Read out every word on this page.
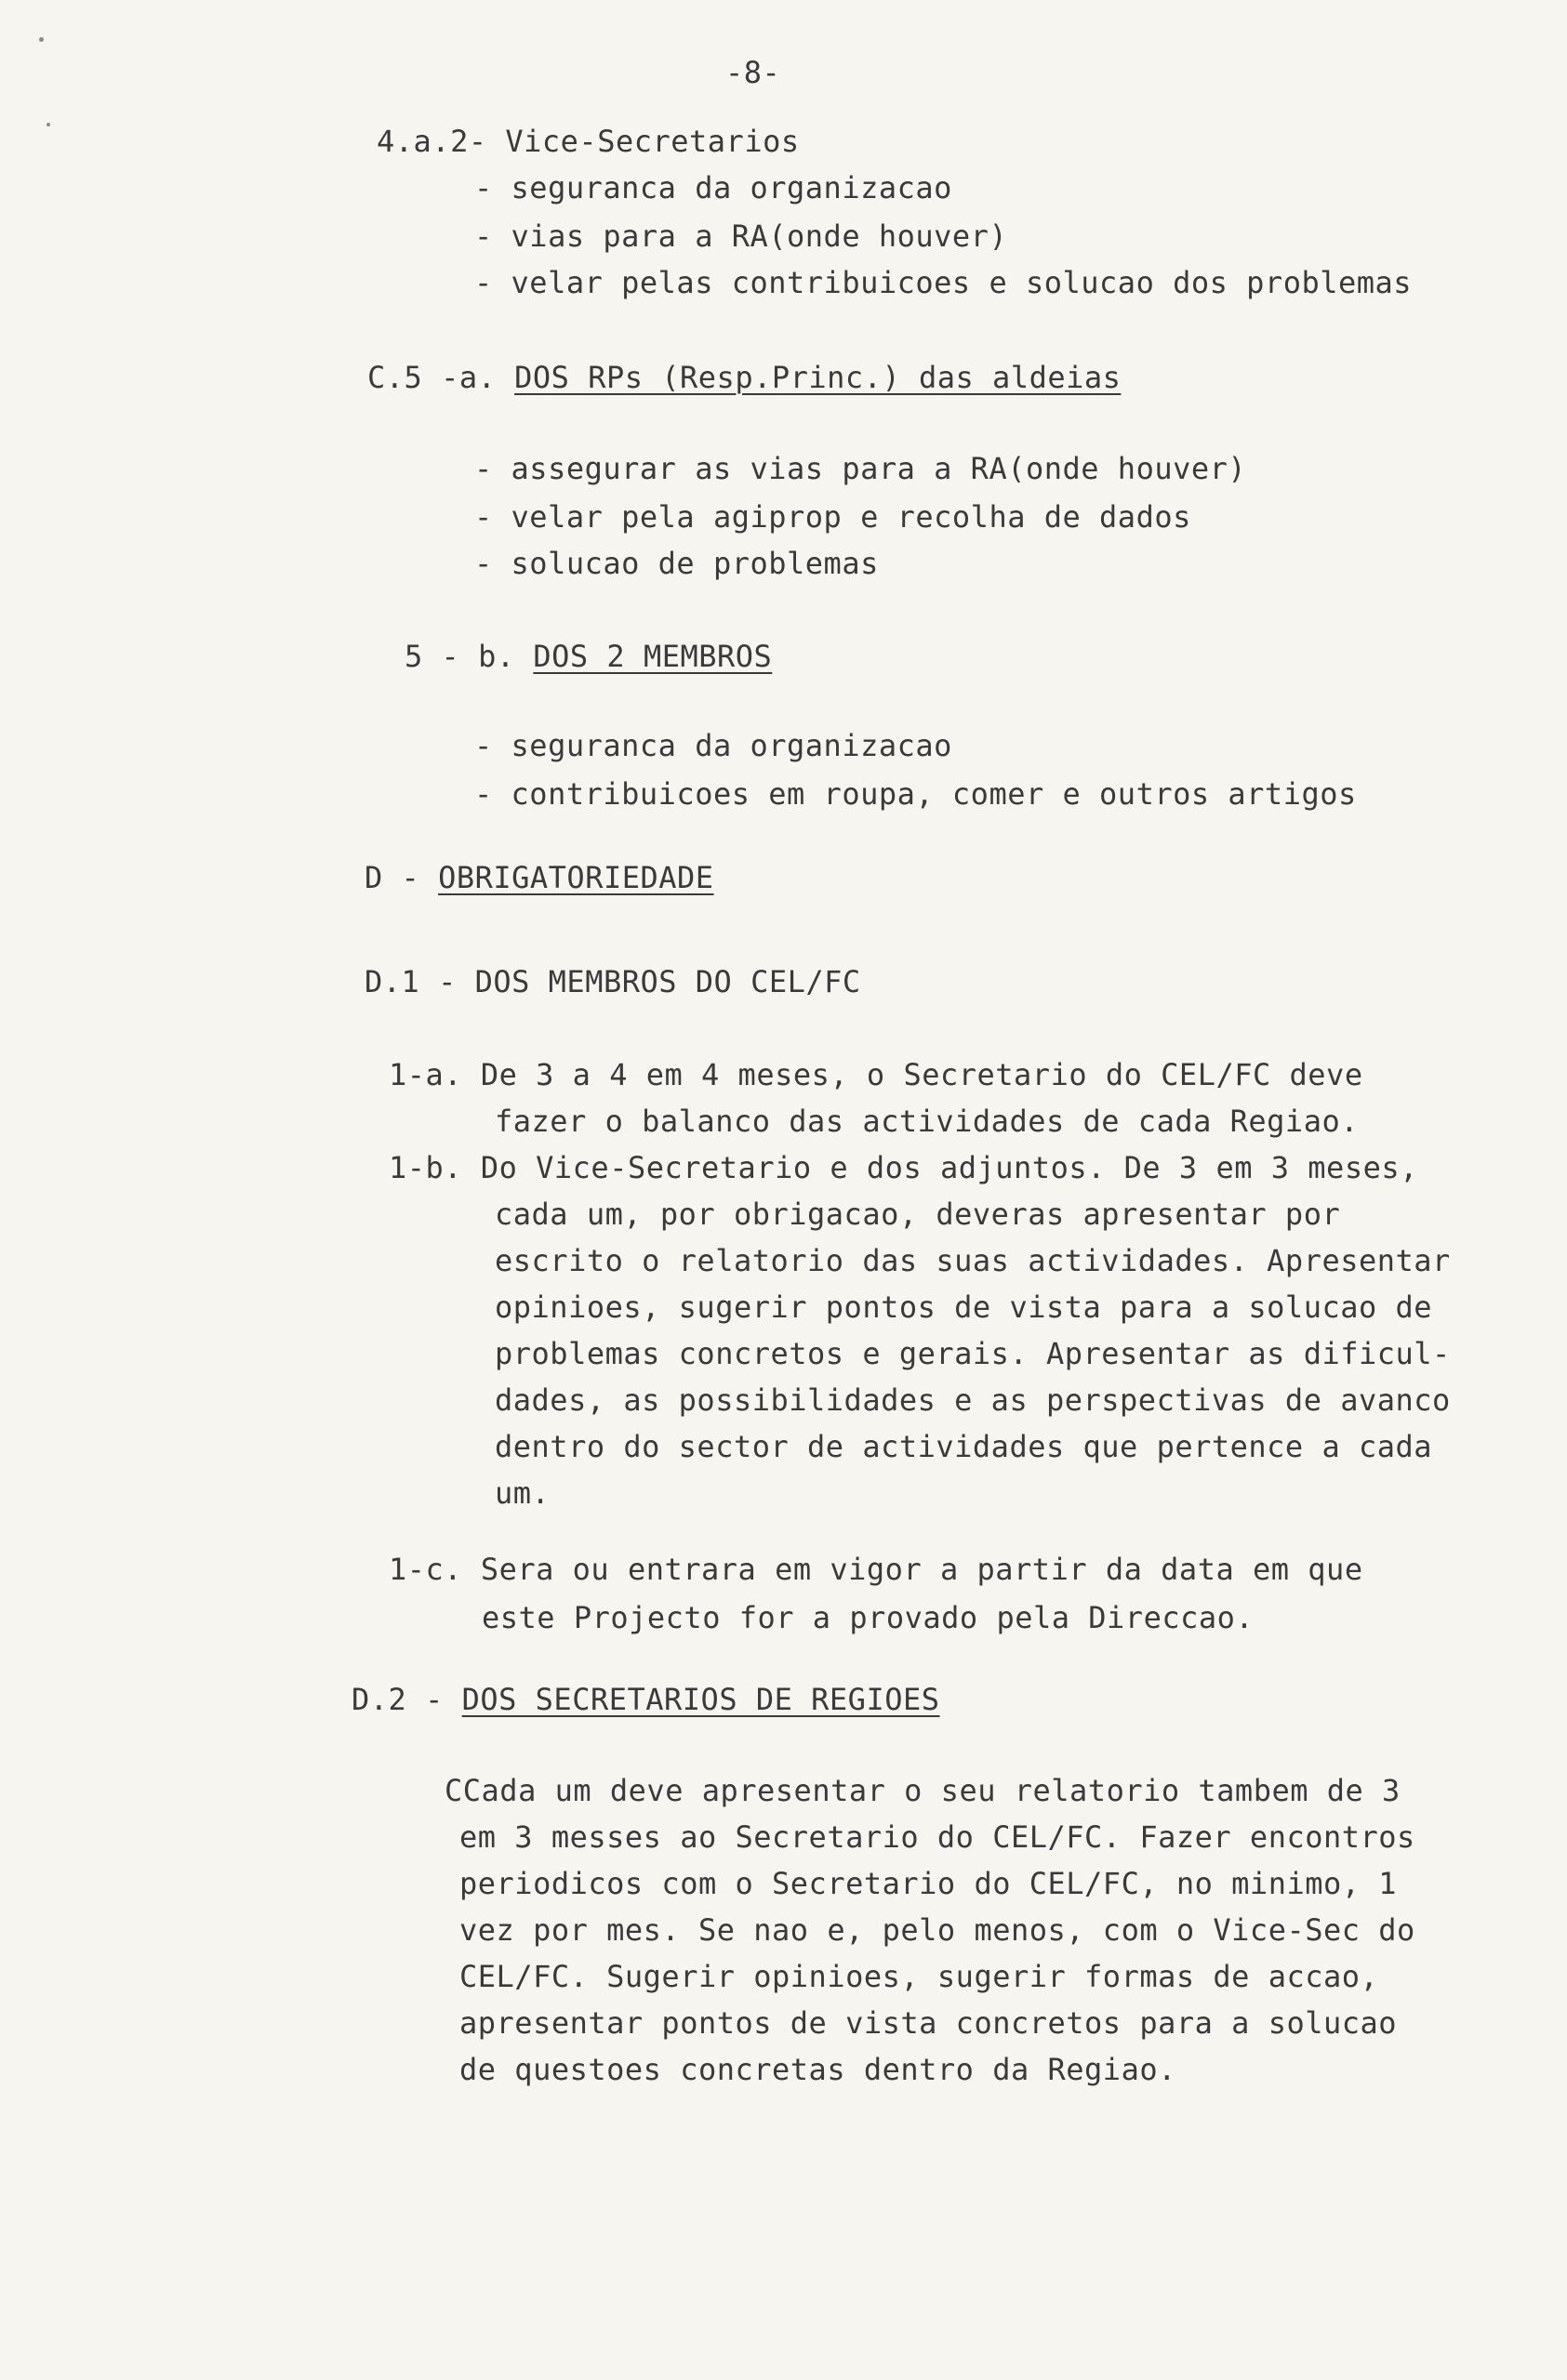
-8-
4.a.2- Vice-Secretarios
- seguranca da organizacao
- vias para a RA(onde houver)
- velar pelas contribuicoes e solucao dos problemas
C.5 -a. DOS RPs (Resp.Princ.) das aldeias
- assegurar as vias para a RA(onde houver)
- velar pela agiprop e recolha de dados
- solucao de problemas
5 - b. DOS 2 MEMBROS
- seguranca da organizacao
- contribuicoes em roupa, comer e outros artigos
D - OBRIGATORIEDADE
D.1 - DOS MEMBROS DO CEL/FC
1-a. De 3 a 4 em 4 meses, o Secretario do CEL/FC deve
fazer o balanco das actividades de cada Regiao.
1-b. Do Vice-Secretario e dos adjuntos. De 3 em 3 meses,
cada um, por obrigacao, deveras apresentar por
escrito o relatorio das suas actividades. Apresentar
opinioes, sugerir pontos de vista para a solucao de
problemas concretos e gerais. Apresentar as dificul-
dades, as possibilidades e as perspectivas de avanco
dentro do sector de actividades que pertence a cada
um.
1-c. Sera ou entrara em vigor a partir da data em que
este Projecto for a provado pela Direccao.
D.2 - DOS SECRETARIOS DE REGIOES
CCada um deve apresentar o seu relatorio tambem de 3
em 3 messes ao Secretario do CEL/FC. Fazer encontros
periodicos com o Secretario do CEL/FC, no minimo, 1
vez por mes. Se nao e, pelo menos, com o Vice-Sec do
CEL/FC. Sugerir opinioes, sugerir formas de accao,
apresentar pontos de vista concretos para a solucao
de questoes concretas dentro da Regiao.
